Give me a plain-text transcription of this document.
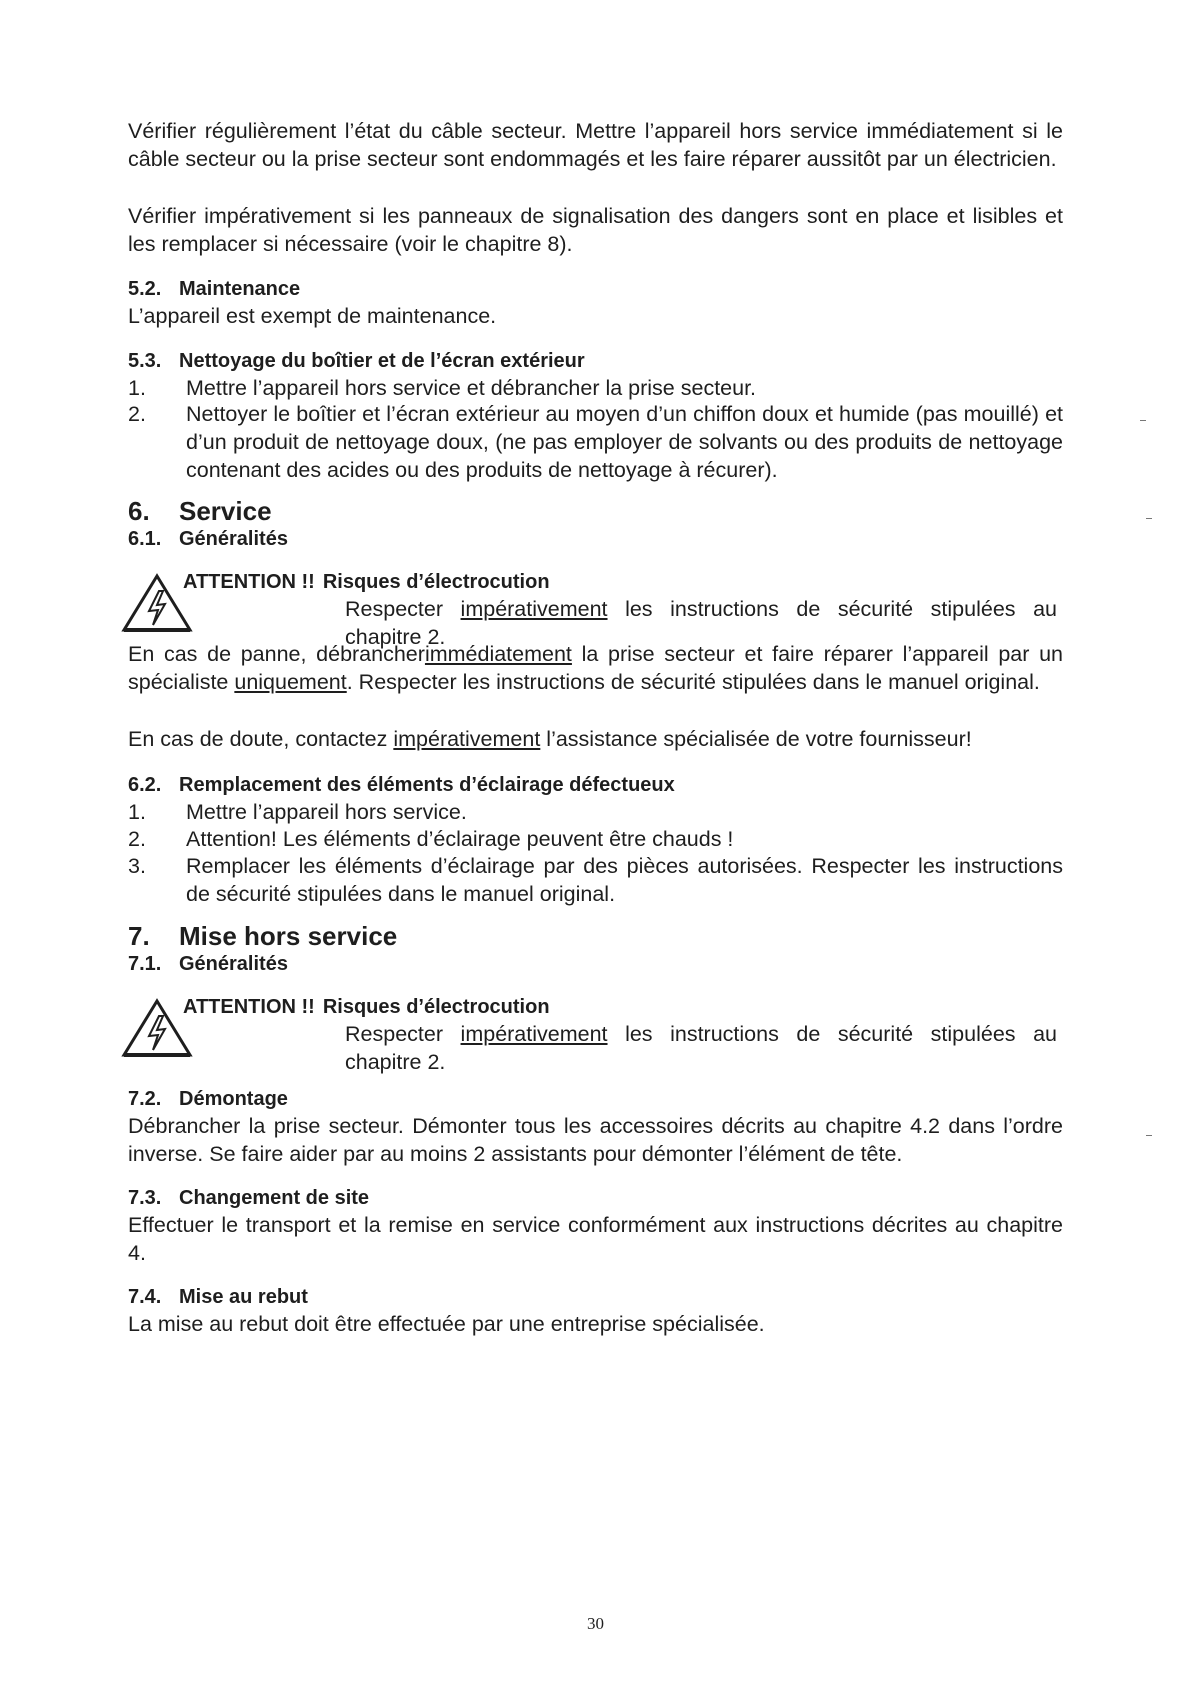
Vérifier régulièrement l’état du câble secteur. Mettre l’appareil hors service immédiatement si le câble secteur ou la prise secteur sont endommagés et les faire réparer aussitôt par un électricien.

Vérifier impérativement si les panneaux de signalisation des dangers sont en place et lisibles et les remplacer si nécessaire (voir le chapitre 8).

5.2. Maintenance

L’appareil est exempt de maintenance.

5.3. Nettoyage du boîtier et de l’écran extérieur
1. Mettre l’appareil hors service et débrancher la prise secteur.
2. Nettoyer le boîtier et l’écran extérieur au moyen d’un chiffon doux et humide (pas mouillé) et d’un produit de nettoyage doux, (ne pas employer de solvants ou des produits de nettoyage contenant des acides ou des produits de nettoyage à récurer).
6. Service
6.1. Généralités
ATTENTION !! Risques d’électrocution
Respecter impérativement les instructions de sécurité stipulées au chapitre 2.

En cas de panne, débrancherimmédiatement la prise secteur et faire réparer l’appareil par un spécialiste uniquement. Respecter les instructions de sécurité stipulées dans le manuel original.

En cas de doute, contactez impérativement l’assistance spécialisée de votre fournisseur!

6.2. Remplacement des éléments d’éclairage défectueux
1. Mettre l’appareil hors service.
2. Attention! Les éléments d’éclairage peuvent être chauds !
3. Remplacer les éléments d’éclairage par des pièces autorisées. Respecter les instructions de sécurité stipulées dans le manuel original.
7. Mise hors service
7.1. Généralités
ATTENTION !! Risques d’électrocution
Respecter impérativement les instructions de sécurité stipulées au chapitre 2.
7.2. Démontage

Débrancher la prise secteur. Démonter tous les accessoires décrits au chapitre 4.2 dans l’ordre inverse. Se faire aider par au moins 2 assistants pour démonter l’élément de tête.

7.3. Changement de site

Effectuer le transport et la remise en service conformément aux instructions décrites au chapitre 4.

7.4. Mise au rebut

La mise au rebut doit être effectuée par une entreprise spécialisée.

30
